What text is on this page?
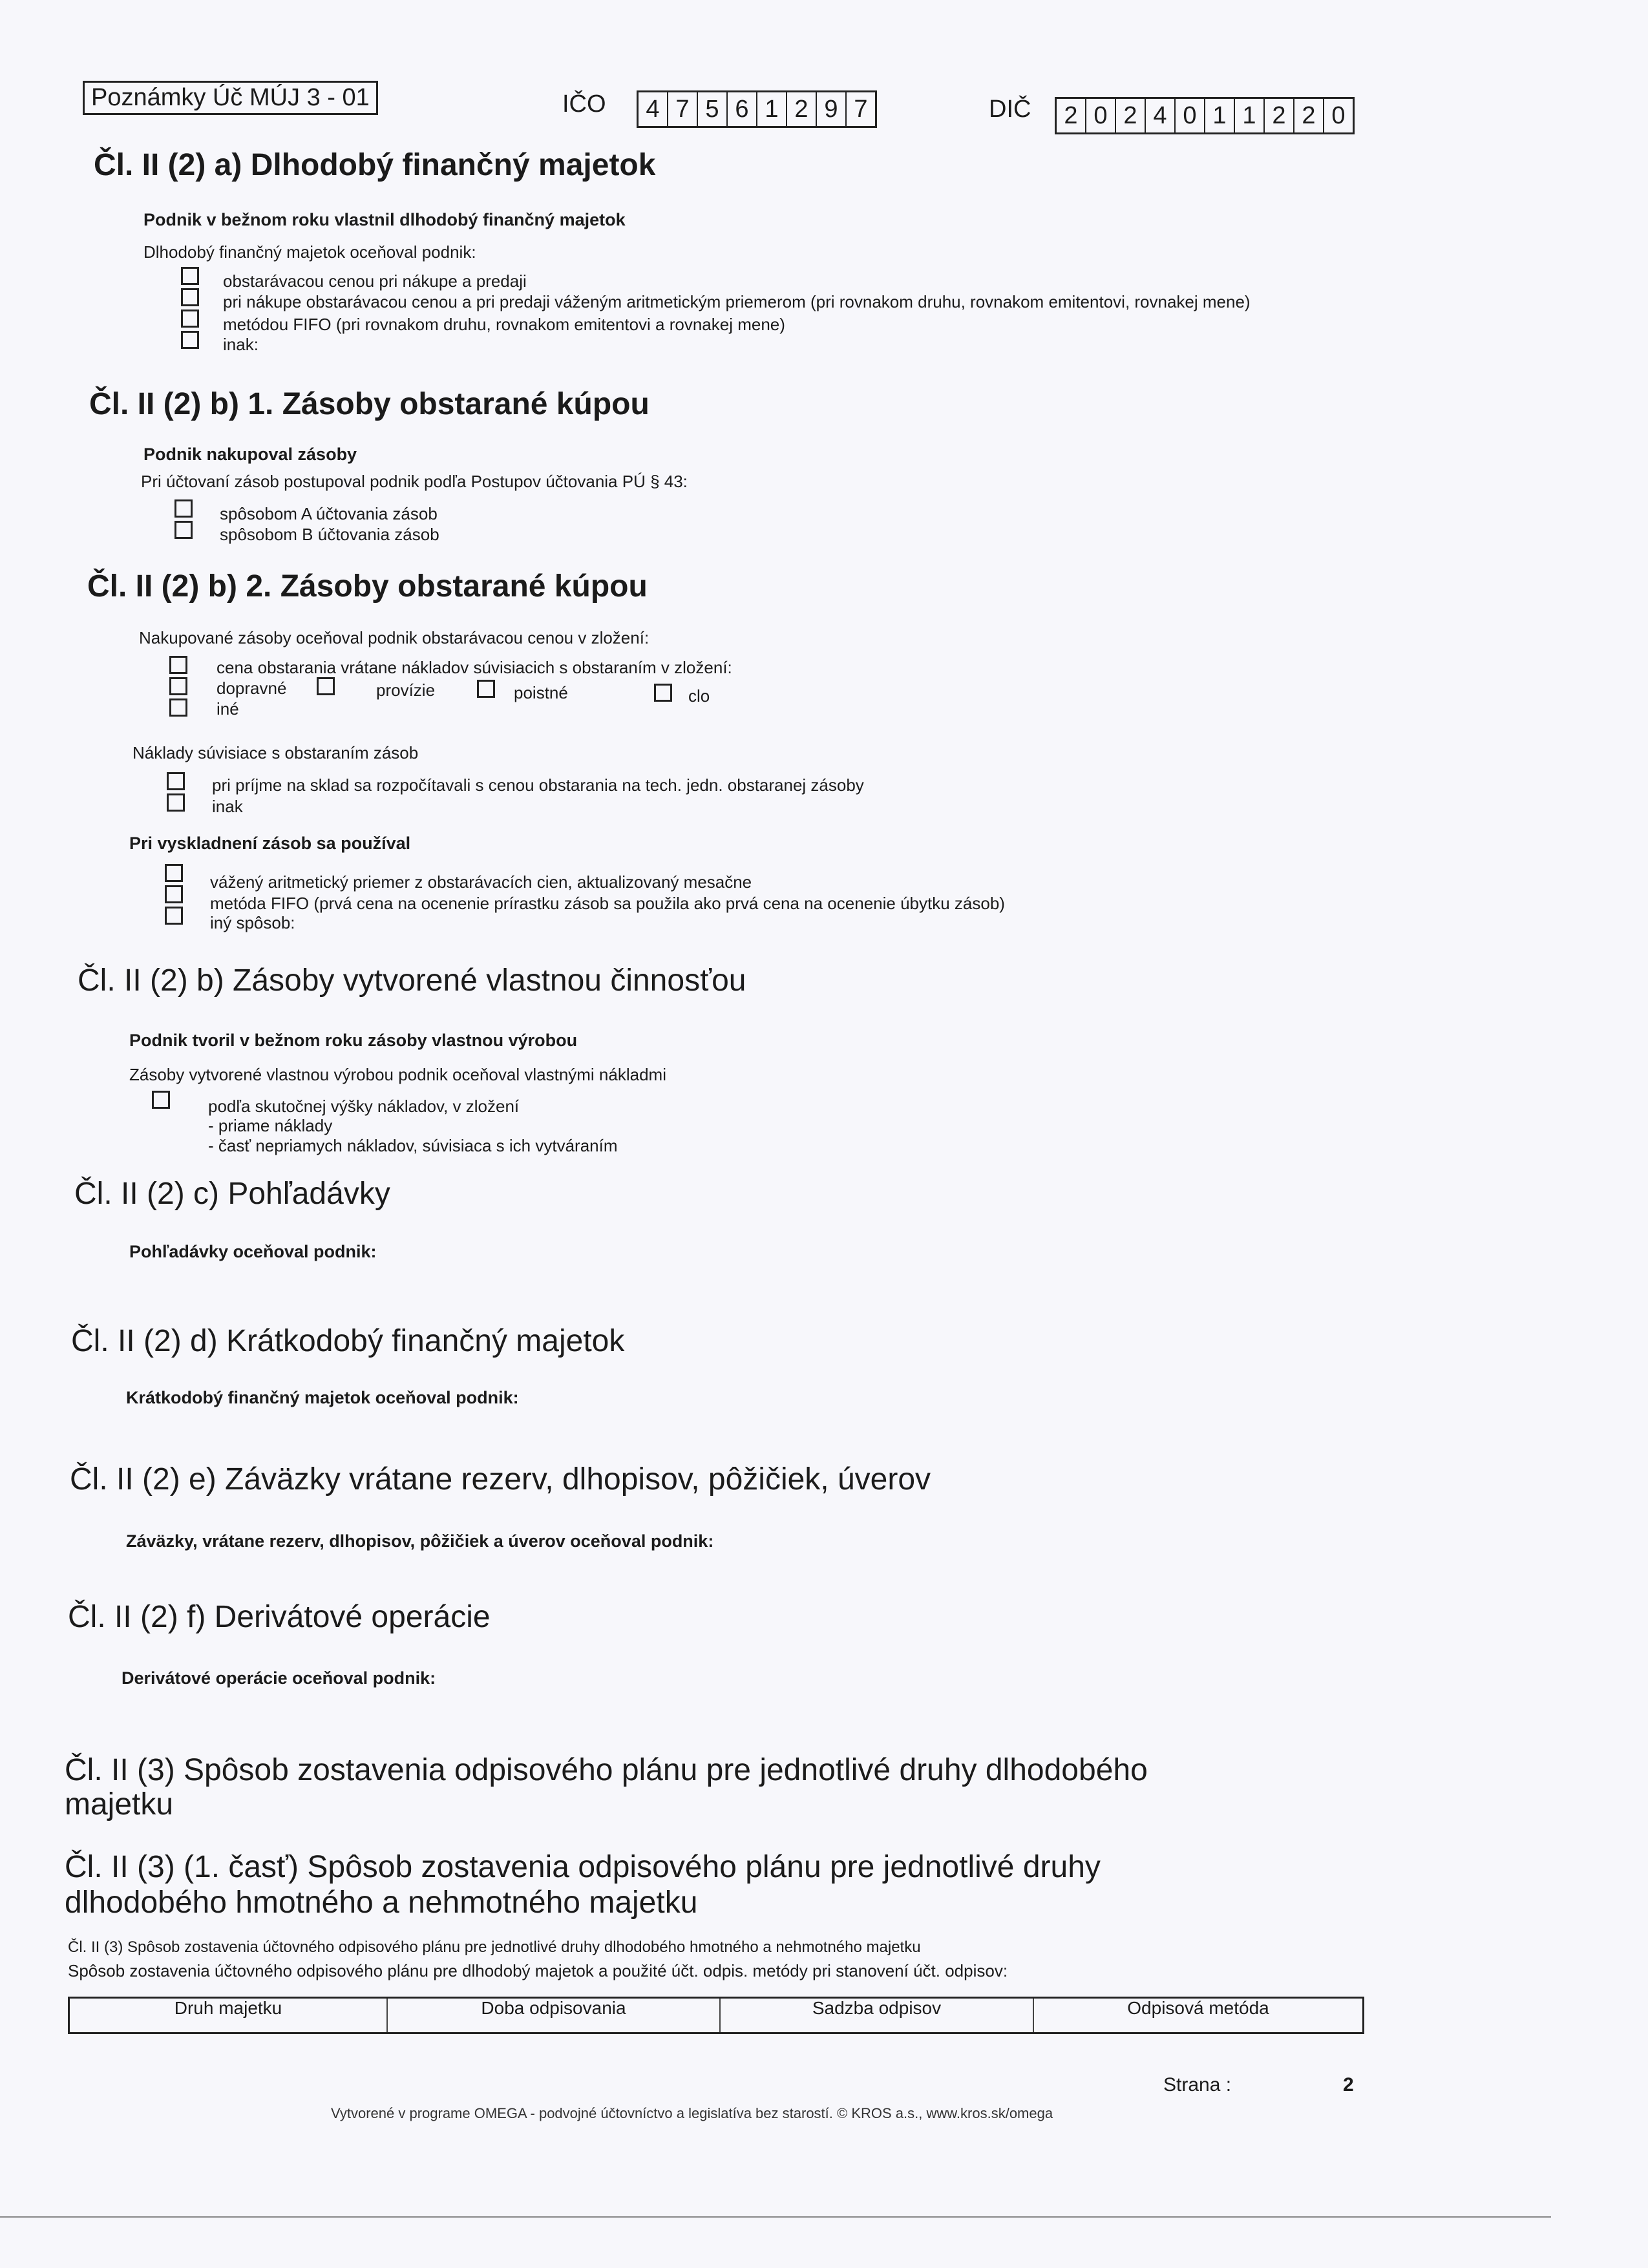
Poznámky Úč MÚJ 3 - 01	IČO	4 7 5 6 1 2 9 7	DIČ	2 0 2 4 0 1 1 2 2 0
Čl. II (2) a) Dlhodobý finančný majetok
Podnik v bežnom roku vlastnil dlhodobý finančný majetok
Dlhodobý finančný majetok oceňoval podnik:
obstarávacou cenou pri nákupe a predaji
pri nákupe obstarávacou cenou a pri predaji váženým aritmetickým priemerom (pri rovnakom druhu, rovnakom emitentovi, rovnakej mene)
metódou FIFO (pri rovnakom druhu, rovnakom emitentovi a rovnakej mene)
inak:
Čl. II (2) b) 1. Zásoby obstarané kúpou
Podnik nakupoval zásoby
Pri účtovaní zásob postupoval podnik podľa Postupov účtovania PÚ § 43:
spôsobom A účtovania zásob
spôsobom B účtovania zásob
Čl. II (2) b) 2. Zásoby obstarané kúpou
Nakupované zásoby oceňoval podnik obstarávacou cenou v zložení:
cena obstarania vrátane nákladov súvisiacich s obstaraním v zložení:
dopravné	provízie	poistné	clo
iné
Náklady súvisiace s obstaraním zásob
pri príjme na sklad sa rozpočítavali s cenou obstarania na tech. jedn. obstaranej zásoby
inak
Pri vyskladnení zásob sa používal
vážený aritmetický priemer z obstarávacích cien, aktualizovaný mesačne
metóda FIFO (prvá cena na ocenenie prírastku zásob sa použila ako prvá cena na ocenenie úbytku zásob)
iný spôsob:
Čl. II (2) b) Zásoby vytvorené vlastnou činnosťou
Podnik tvoril v bežnom roku zásoby vlastnou výrobou
Zásoby vytvorené vlastnou výrobou podnik oceňoval vlastnými nákladmi
podľa skutočnej výšky nákladov, v zložení
- priame náklady
- časť nepriamych nákladov, súvisiaca s ich vytváraním
Čl. II (2) c) Pohľadávky
Pohľadávky oceňoval podnik:
Čl. II (2) d) Krátkodobý finančný majetok
Krátkodobý finančný majetok oceňoval podnik:
Čl. II (2) e) Záväzky vrátane rezerv, dlhopisov, pôžičiek, úverov
Záväzky, vrátane rezerv, dlhopisov, pôžičiek a úverov oceňoval podnik:
Čl. II (2) f) Derivátové operácie
Derivátové operácie oceňoval podnik:
Čl. II (3) Spôsob zostavenia odpisového plánu pre jednotlivé druhy dlhodobého
majetku
Čl. II (3) (1. časť) Spôsob zostavenia odpisového plánu pre jednotlivé druhy
dlhodobého hmotného a nehmotného majetku
Čl. II (3) Spôsob zostavenia účtovného odpisového plánu pre jednotlivé druhy dlhodobého hmotného a nehmotného majetku
Spôsob zostavenia účtovného odpisového plánu pre dlhodobý majetok a použité účt. odpis. metódy pri stanovení účt. odpisov:
Druh majetku	Doba odpisovania	Sadzba odpisov	Odpisová metóda
Strana :	2
Vytvorené v programe OMEGA - podvojné účtovníctvo a legislatíva bez starostí. © KROS a.s., www.kros.sk/omega
